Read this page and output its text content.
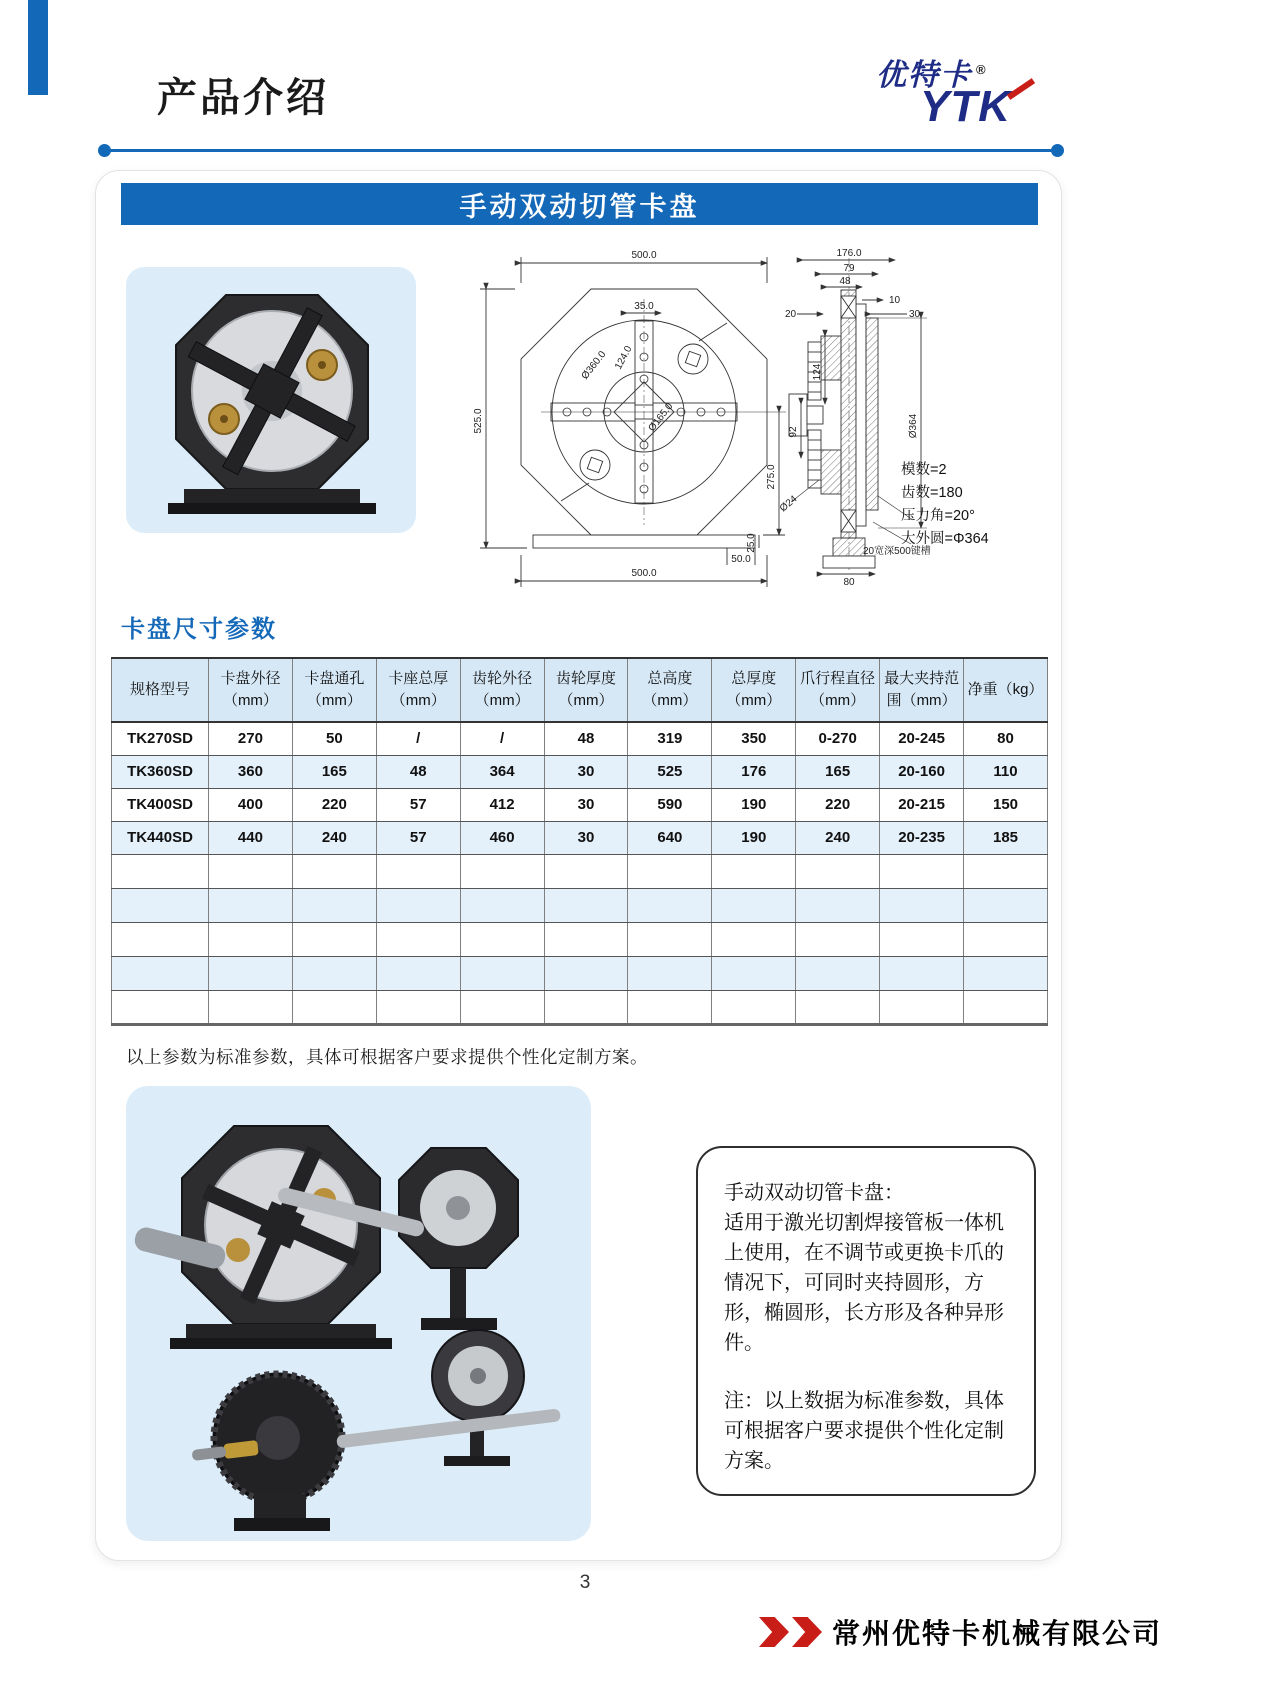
产品介绍
优特卡 ®
YTK
手动双动切管卡盘
500.0
525.0
35.0
124.0
Ø360.0
Ø165.0
275.0
25.0
500.0
50.0
176.0
79
48
10
20	30
124
92
Ø24
Ø364
80
20宽深500键槽
模数=2
齿数=180
压力角=20°
大外圆=Φ364
卡盘尺寸参数
规格型号	卡盘外径（mm）	卡盘通孔（mm）	卡座总厚（mm）	齿轮外径（mm）	齿轮厚度（mm）	总高度（mm）	总厚度（mm）	爪行程直径（mm）	最大夹持范围（mm）	净重（kg）
TK270SD	270	50	/	/	48	319	350	0-270	20-245	80
TK360SD	360	165	48	364	30	525	176	165	20-160	110
TK400SD	400	220	57	412	30	590	190	220	20-215	150
TK440SD	440	240	57	460	30	640	190	240	20-235	185

以上参数为标准参数，具体可根据客户要求提供个性化定制方案。

手动双动切管卡盘：

适用于激光切割焊接管板一体机上使用，在不调节或更换卡爪的情况下，可同时夹持圆形，方形，椭圆形，长方形及各种异形件。

注：以上数据为标准参数，具体可根据客户要求提供个性化定制方案。

3
常州优特卡机械有限公司
